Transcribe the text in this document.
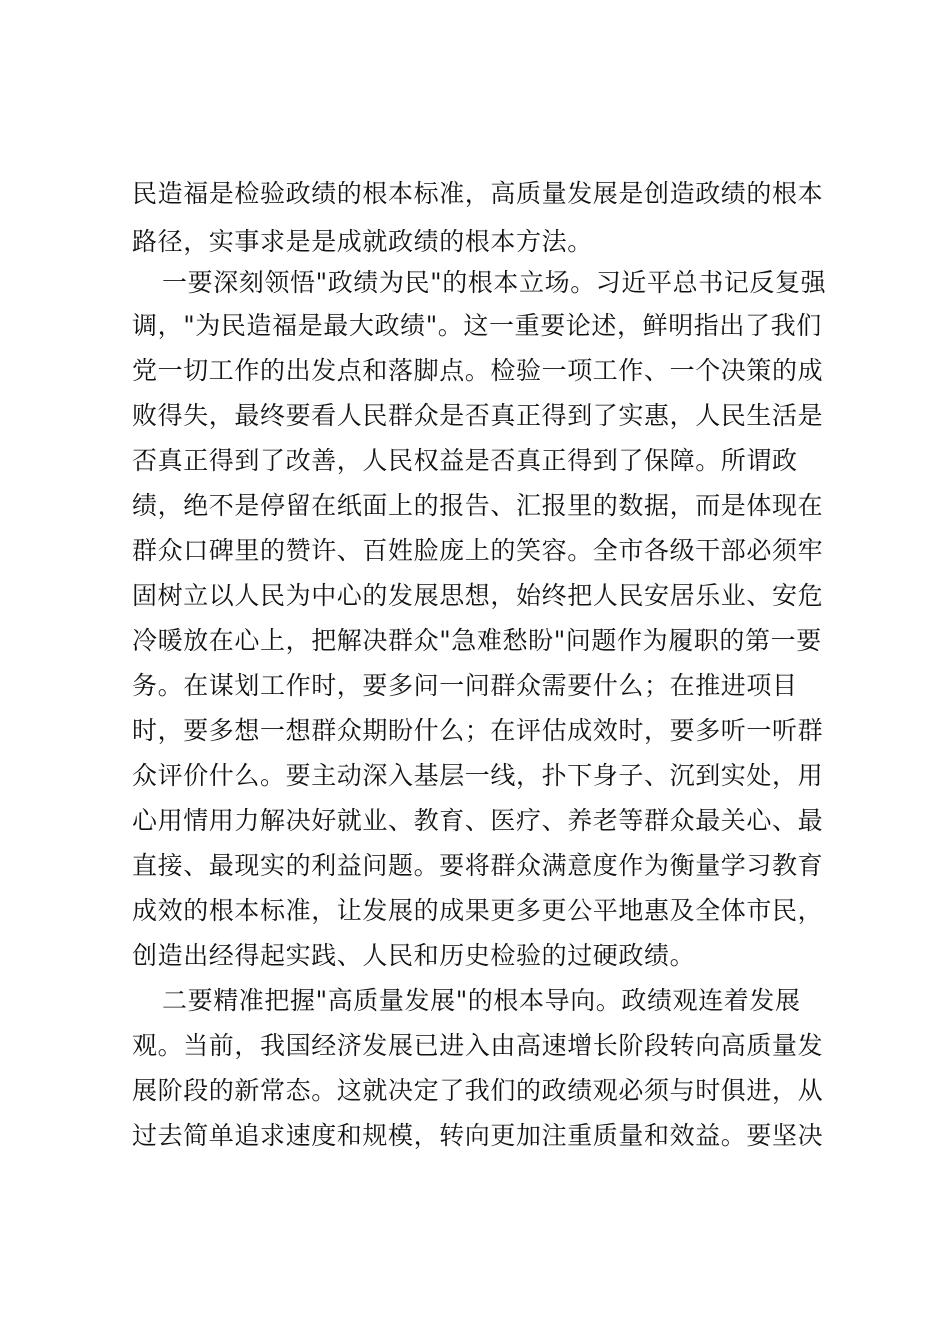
民造福是检验政绩的根本标准，高质量发展是创造政绩的根本
路径，实事求是是成就政绩的根本方法。
一要深刻领悟"政绩为民"的根本立场。习近平总书记反复强
调，"为民造福是最大政绩"。这一重要论述，鲜明指出了我们
党一切工作的出发点和落脚点。检验一项工作、一个决策的成
败得失，最终要看人民群众是否真正得到了实惠，人民生活是
否真正得到了改善，人民权益是否真正得到了保障。所谓政
绩，绝不是停留在纸面上的报告、汇报里的数据，而是体现在
群众口碑里的赞许、百姓脸庞上的笑容。全市各级干部必须牢
固树立以人民为中心的发展思想，始终把人民安居乐业、安危
冷暖放在心上，把解决群众"急难愁盼"问题作为履职的第一要
务。在谋划工作时，要多问一问群众需要什么；在推进项目
时，要多想一想群众期盼什么；在评估成效时，要多听一听群
众评价什么。要主动深入基层一线，扑下身子、沉到实处，用
心用情用力解决好就业、教育、医疗、养老等群众最关心、最
直接、最现实的利益问题。要将群众满意度作为衡量学习教育
成效的根本标准，让发展的成果更多更公平地惠及全体市民，
创造出经得起实践、人民和历史检验的过硬政绩。
二要精准把握"高质量发展"的根本导向。政绩观连着发展
观。当前，我国经济发展已进入由高速增长阶段转向高质量发
展阶段的新常态。这就决定了我们的政绩观必须与时俱进，从
过去简单追求速度和规模，转向更加注重质量和效益。要坚决
